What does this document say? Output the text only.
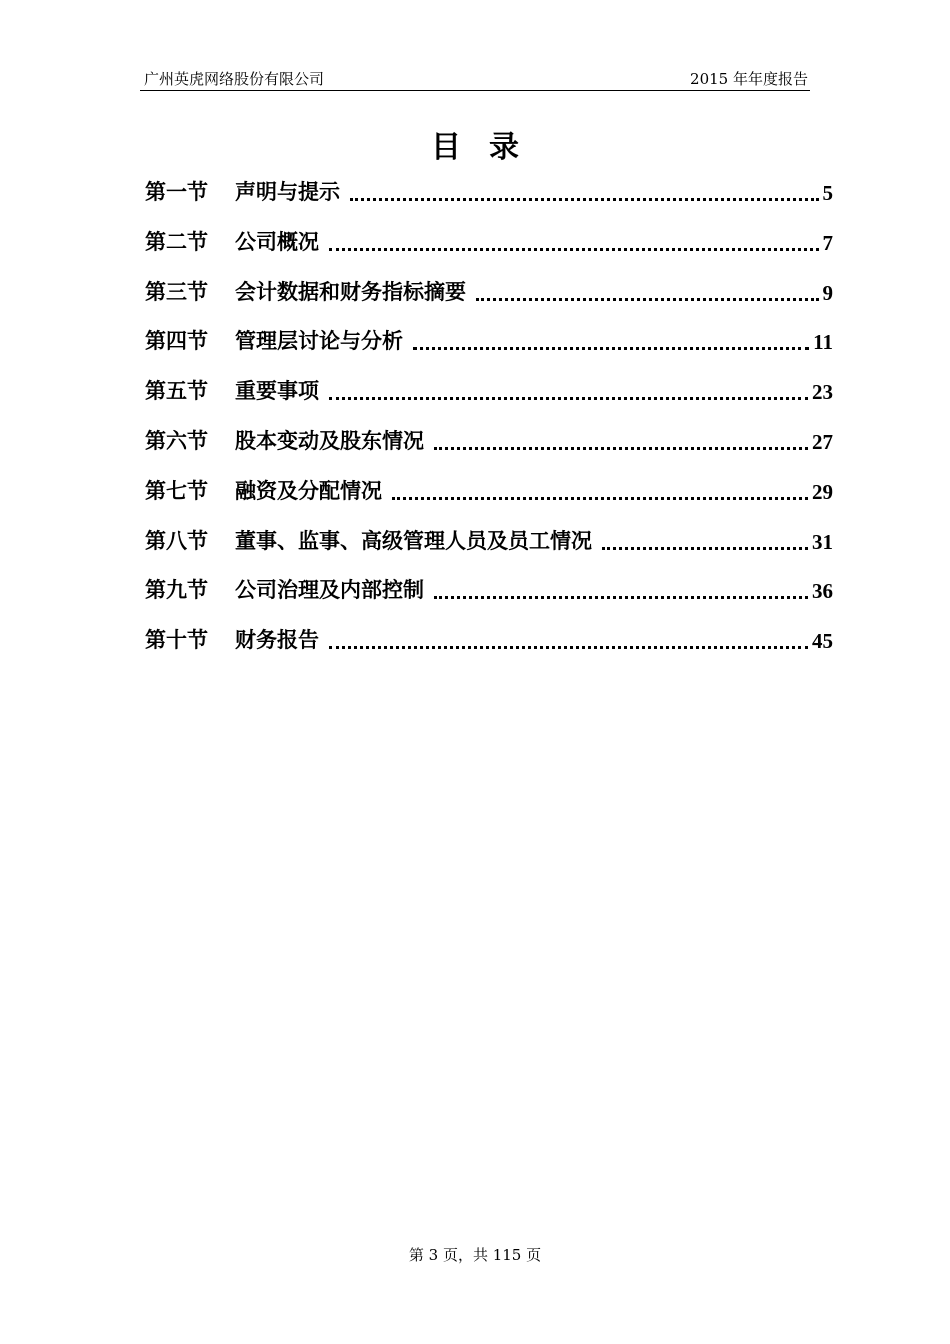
广州英虎网络股份有限公司	2015 年年度报告
目录
第一节	声明与提示	5
第二节	公司概况	7
第三节	会计数据和财务指标摘要	9
第四节	管理层讨论与分析	11
第五节	重要事项	23
第六节	股本变动及股东情况	27
第七节	融资及分配情况	29
第八节	董事、监事、高级管理人员及员工情况	31
第九节	公司治理及内部控制	36
第十节	财务报告	45
第 3 页，共 115 页
